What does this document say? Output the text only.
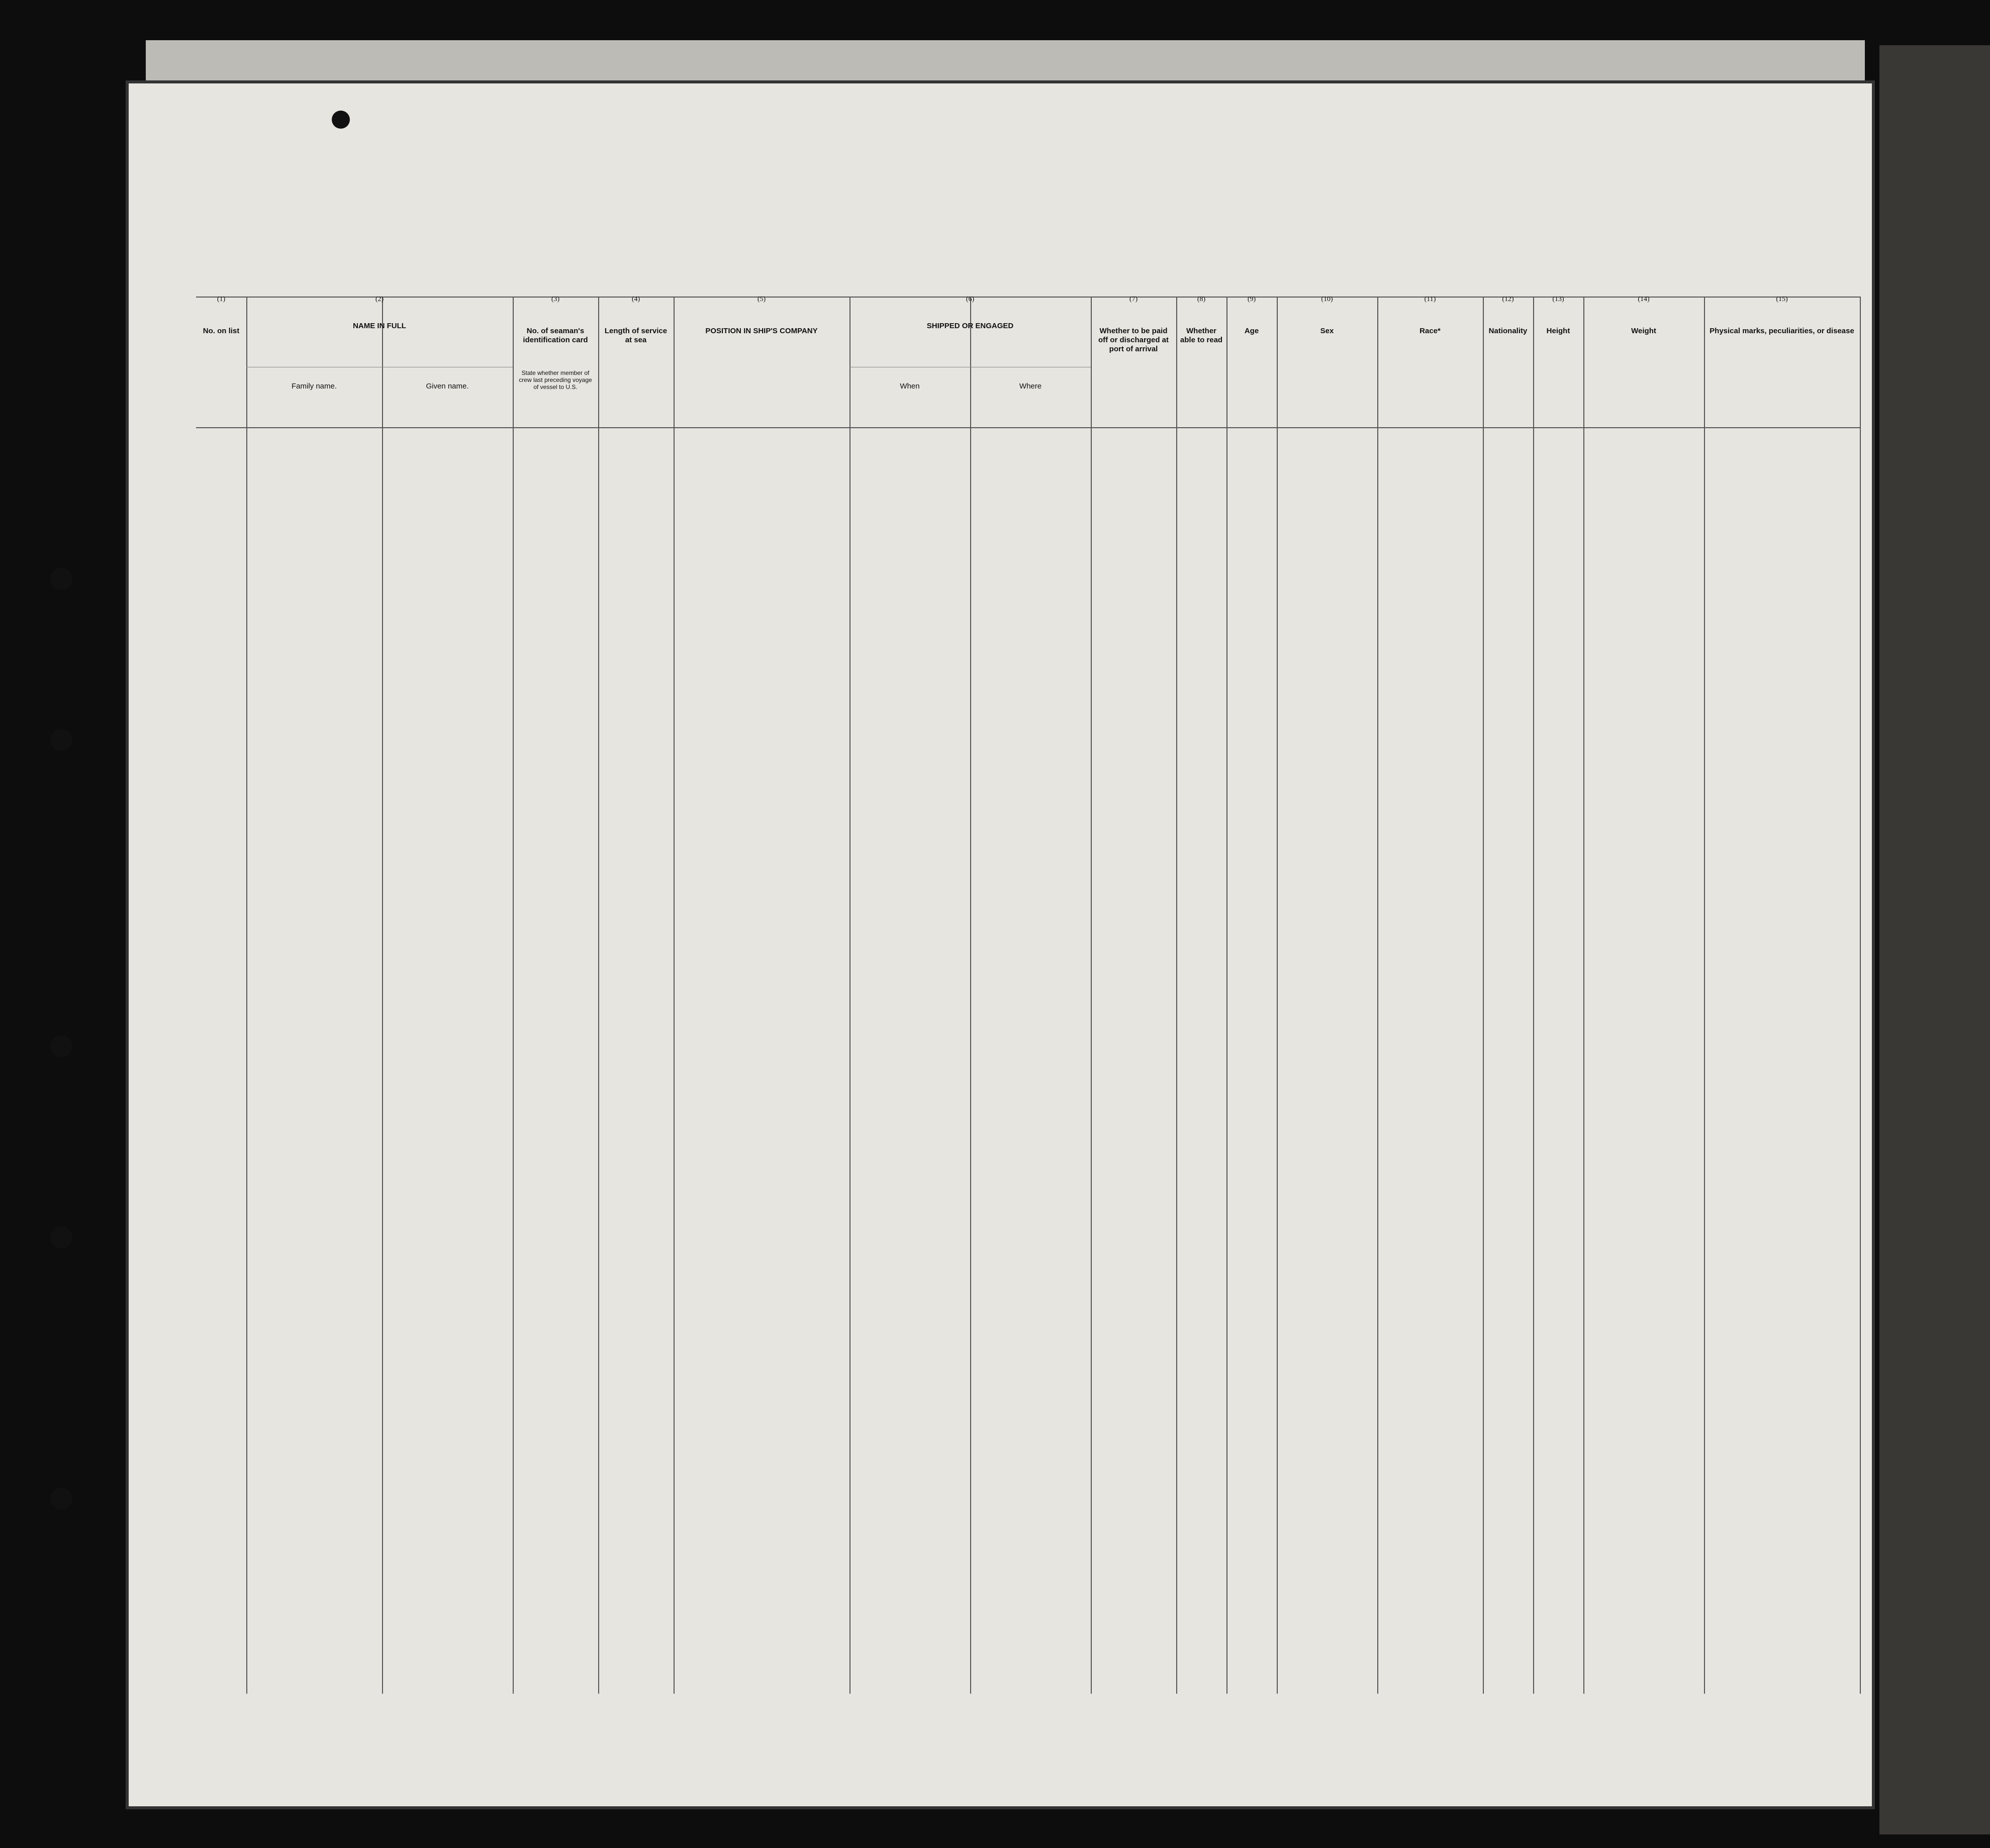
(1)
No. on list
(2)
NAME IN FULL
Family name.	Given name.
(3)
No. of seaman's identification card
State whether member of crew last preceding voyage of vessel to U.S.
(4)
Length of service at sea
(5)
POSITION IN SHIP'S COMPANY
(6)
SHIPPED OR ENGAGED
When	Where
(7)
Whether to be paid off or discharged at port of arrival
(8)
Whether able to read
(9)
Age
(10)
Sex
(11)
Race*
(12)
Nationality
(13)
Height
(14)
Weight
(15)
Physical marks, peculiarities, or disease
